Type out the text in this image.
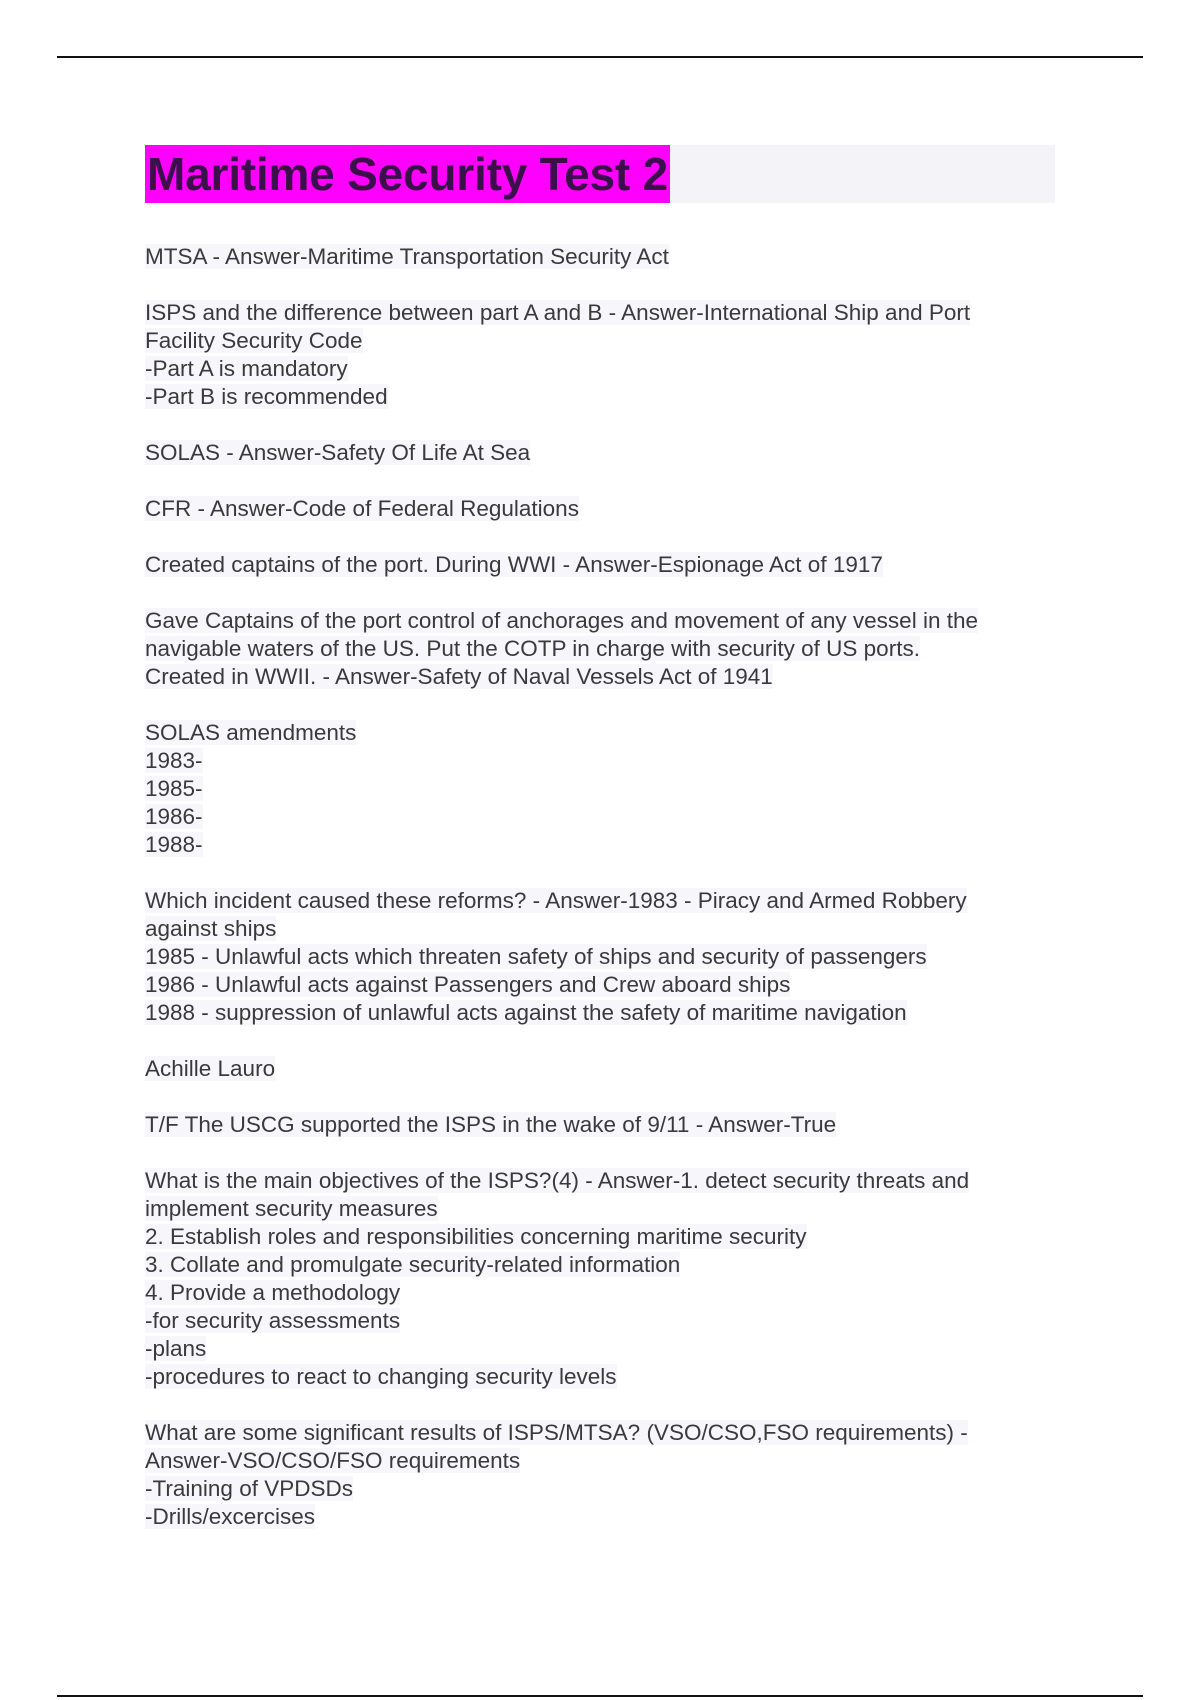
Maritime Security Test 2
MTSA - Answer-Maritime Transportation Security Act
ISPS and the difference between part A and B - Answer-International Ship and Port
Facility Security Code
-Part A is mandatory
-Part B is recommended
SOLAS - Answer-Safety Of Life At Sea
CFR - Answer-Code of Federal Regulations
Created captains of the port. During WWI - Answer-Espionage Act of 1917
Gave Captains of the port control of anchorages and movement of any vessel in the
navigable waters of the US. Put the COTP in charge with security of US ports.
Created in WWII. - Answer-Safety of Naval Vessels Act of 1941
SOLAS amendments
1983-
1985-
1986-
1988-
Which incident caused these reforms? - Answer-1983 - Piracy and Armed Robbery
against ships
1985 - Unlawful acts which threaten safety of ships and security of passengers
1986 - Unlawful acts against Passengers and Crew aboard ships
1988 - suppression of unlawful acts against the safety of maritime navigation
Achille Lauro
T/F The USCG supported the ISPS in the wake of 9/11 - Answer-True
What is the main objectives of the ISPS?(4) - Answer-1. detect security threats and
implement security measures
2. Establish roles and responsibilities concerning maritime security
3. Collate and promulgate security-related information
4. Provide a methodology
-for security assessments
-plans
-procedures to react to changing security levels
What are some significant results of ISPS/MTSA? (VSO/CSO,FSO requirements) -
Answer-VSO/CSO/FSO requirements
-Training of VPDSDs
-Drills/excercises
